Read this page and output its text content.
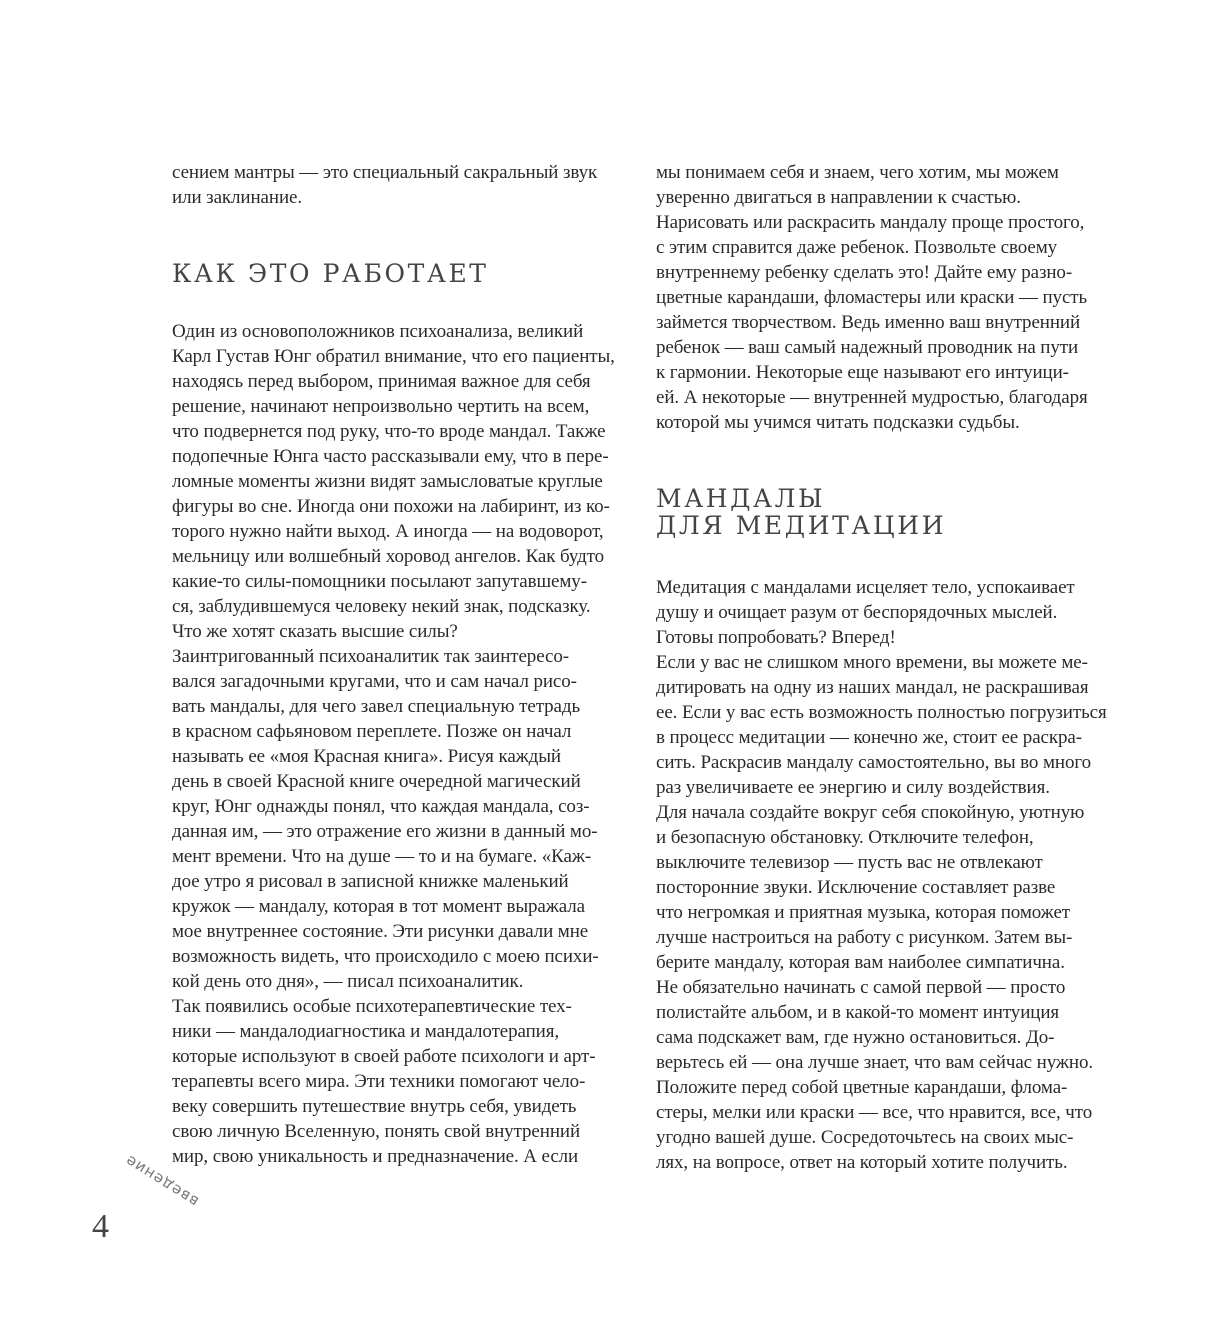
сением мантры — это специальный сакральный звук
или заклинание.
КАК ЭТО РАБОТАЕТ
Один из основоположников психоанализа, великий
Карл Густав Юнг обратил внимание, что его пациенты,
находясь перед выбором, принимая важное для себя
решение, начинают непроизвольно чертить на всем,
что подвернется под руку, что-то вроде мандал. Также
подопечные Юнга часто рассказывали ему, что в пере-
ломные моменты жизни видят замысловатые круглые
фигуры во сне. Иногда они похожи на лабиринт, из ко-
торого нужно найти выход. А иногда — на водоворот,
мельницу или волшебный хоровод ангелов. Как будто
какие-то силы-помощники посылают запутавшему-
ся, заблудившемуся человеку некий знак, подсказку.
Что же хотят сказать высшие силы?
Заинтригованный психоаналитик так заинтересо-
вался загадочными кругами, что и сам начал рисо-
вать мандалы, для чего завел специальную тетрадь
в красном сафьяновом переплете. Позже он начал
называть ее «моя Красная книга». Рисуя каждый
день в своей Красной книге очередной магический
круг, Юнг однажды понял, что каждая мандала, соз-
данная им, — это отражение его жизни в данный мо-
мент времени. Что на душе — то и на бумаге. «Каж-
дое утро я рисовал в записной книжке маленький
кружок — мандалу, которая в тот момент выражала
мое внутреннее состояние. Эти рисунки давали мне
возможность видеть, что происходило с моею психи-
кой день ото дня», — писал психоаналитик.
Так появились особые психотерапевтические тех-
ники — мандалодиагностика и мандалотерапия,
которые используют в своей работе психологи и арт-
терапевты всего мира. Эти техники помогают чело-
веку совершить путешествие внутрь себя, увидеть
свою личную Вселенную, понять свой внутренний
мир, свою уникальность и предназначение. А если
мы понимаем себя и знаем, чего хотим, мы можем
уверенно двигаться в направлении к счастью.
Нарисовать или раскрасить мандалу проще простого,
с этим справится даже ребенок. Позвольте своему
внутреннему ребенку сделать это! Дайте ему разно-
цветные карандаши, фломастеры или краски — пусть
займется творчеством. Ведь именно ваш внутренний
ребенок — ваш самый надежный проводник на пути
к гармонии. Некоторые еще называют его интуици-
ей. А некоторые — внутренней мудростью, благодаря
которой мы учимся читать подсказки судьбы.
МАНДАЛЫ
ДЛЯ МЕДИТАЦИИ
Медитация с мандалами исцеляет тело, успокаивает
душу и очищает разум от беспорядочных мыслей.
Готовы попробовать? Вперед!
Если у вас не слишком много времени, вы можете ме-
дитировать на одну из наших мандал, не раскрашивая
ее. Если у вас есть возможность полностью погрузиться
в процесс медитации — конечно же, стоит ее раскра-
сить. Раскрасив мандалу самостоятельно, вы во много
раз увеличиваете ее энергию и силу воздействия.
Для начала создайте вокруг себя спокойную, уютную
и безопасную обстановку. Отключите телефон,
выключите телевизор — пусть вас не отвлекают
посторонние звуки. Исключение составляет разве
что негромкая и приятная музыка, которая поможет
лучше настроиться на работу с рисунком. Затем вы-
берите мандалу, которая вам наиболее симпатична.
Не обязательно начинать с самой первой — просто
полистайте альбом, и в какой-то момент интуиция
сама подскажет вам, где нужно остановиться. До-
верьтесь ей — она лучше знает, что вам сейчас нужно.
Положите перед собой цветные карандаши, флома-
стеры, мелки или краски — все, что нравится, все, что
угодно вашей душе. Сосредоточьтесь на своих мыс-
лях, на вопросе, ответ на который хотите получить.
введение
4
